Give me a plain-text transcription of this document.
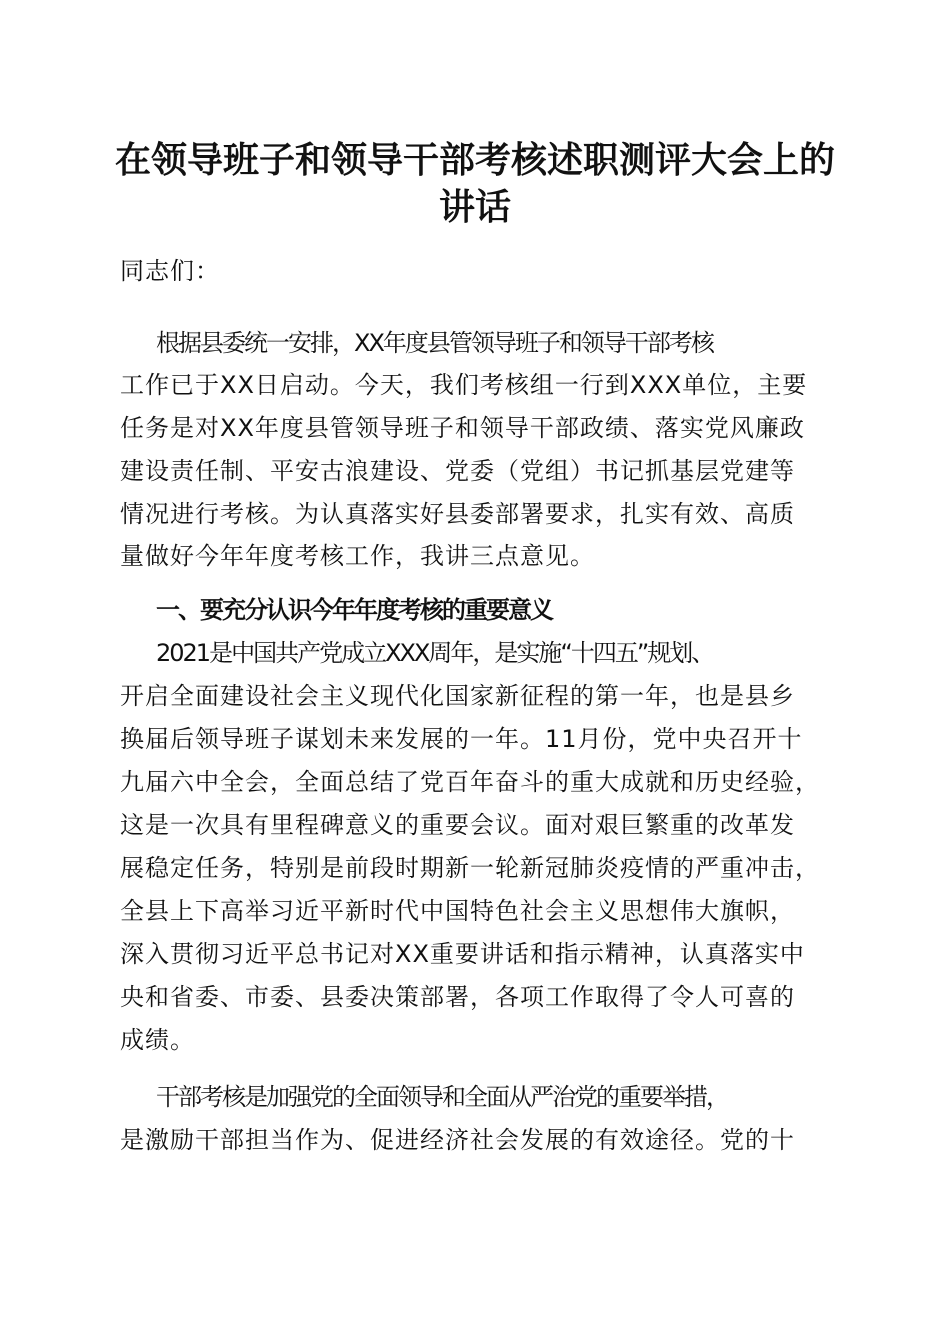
在领导班子和领导干部考核述职测评大会上的
讲话

同志们：

根据县委统一安排，XX年度县管领导班子和领导干部考核

工作已于XX日启动。今天，我们考核组一行到XXX单位，主要

任务是对XX年度县管领导班子和领导干部政绩、落实党风廉政

建设责任制、平安古浪建设、党委（党组）书记抓基层党建等

情况进行考核。为认真落实好县委部署要求，扎实有效、高质

量做好今年年度考核工作，我讲三点意见。

一、要充分认识今年年度考核的重要意义

2021是中国共产党成立XXX周年，是实施“十四五”规划、

开启全面建设社会主义现代化国家新征程的第一年，也是县乡

换届后领导班子谋划未来发展的一年。11月份，党中央召开十

九届六中全会，全面总结了党百年奋斗的重大成就和历史经验，

这是一次具有里程碑意义的重要会议。面对艰巨繁重的改革发

展稳定任务，特别是前段时期新一轮新冠肺炎疫情的严重冲击，

全县上下高举习近平新时代中国特色社会主义思想伟大旗帜，

深入贯彻习近平总书记对XX重要讲话和指示精神，认真落实中

央和省委、市委、县委决策部署，各项工作取得了令人可喜的

成绩。

干部考核是加强党的全面领导和全面从严治党的重要举措，

是激励干部担当作为、促进经济社会发展的有效途径。党的十
